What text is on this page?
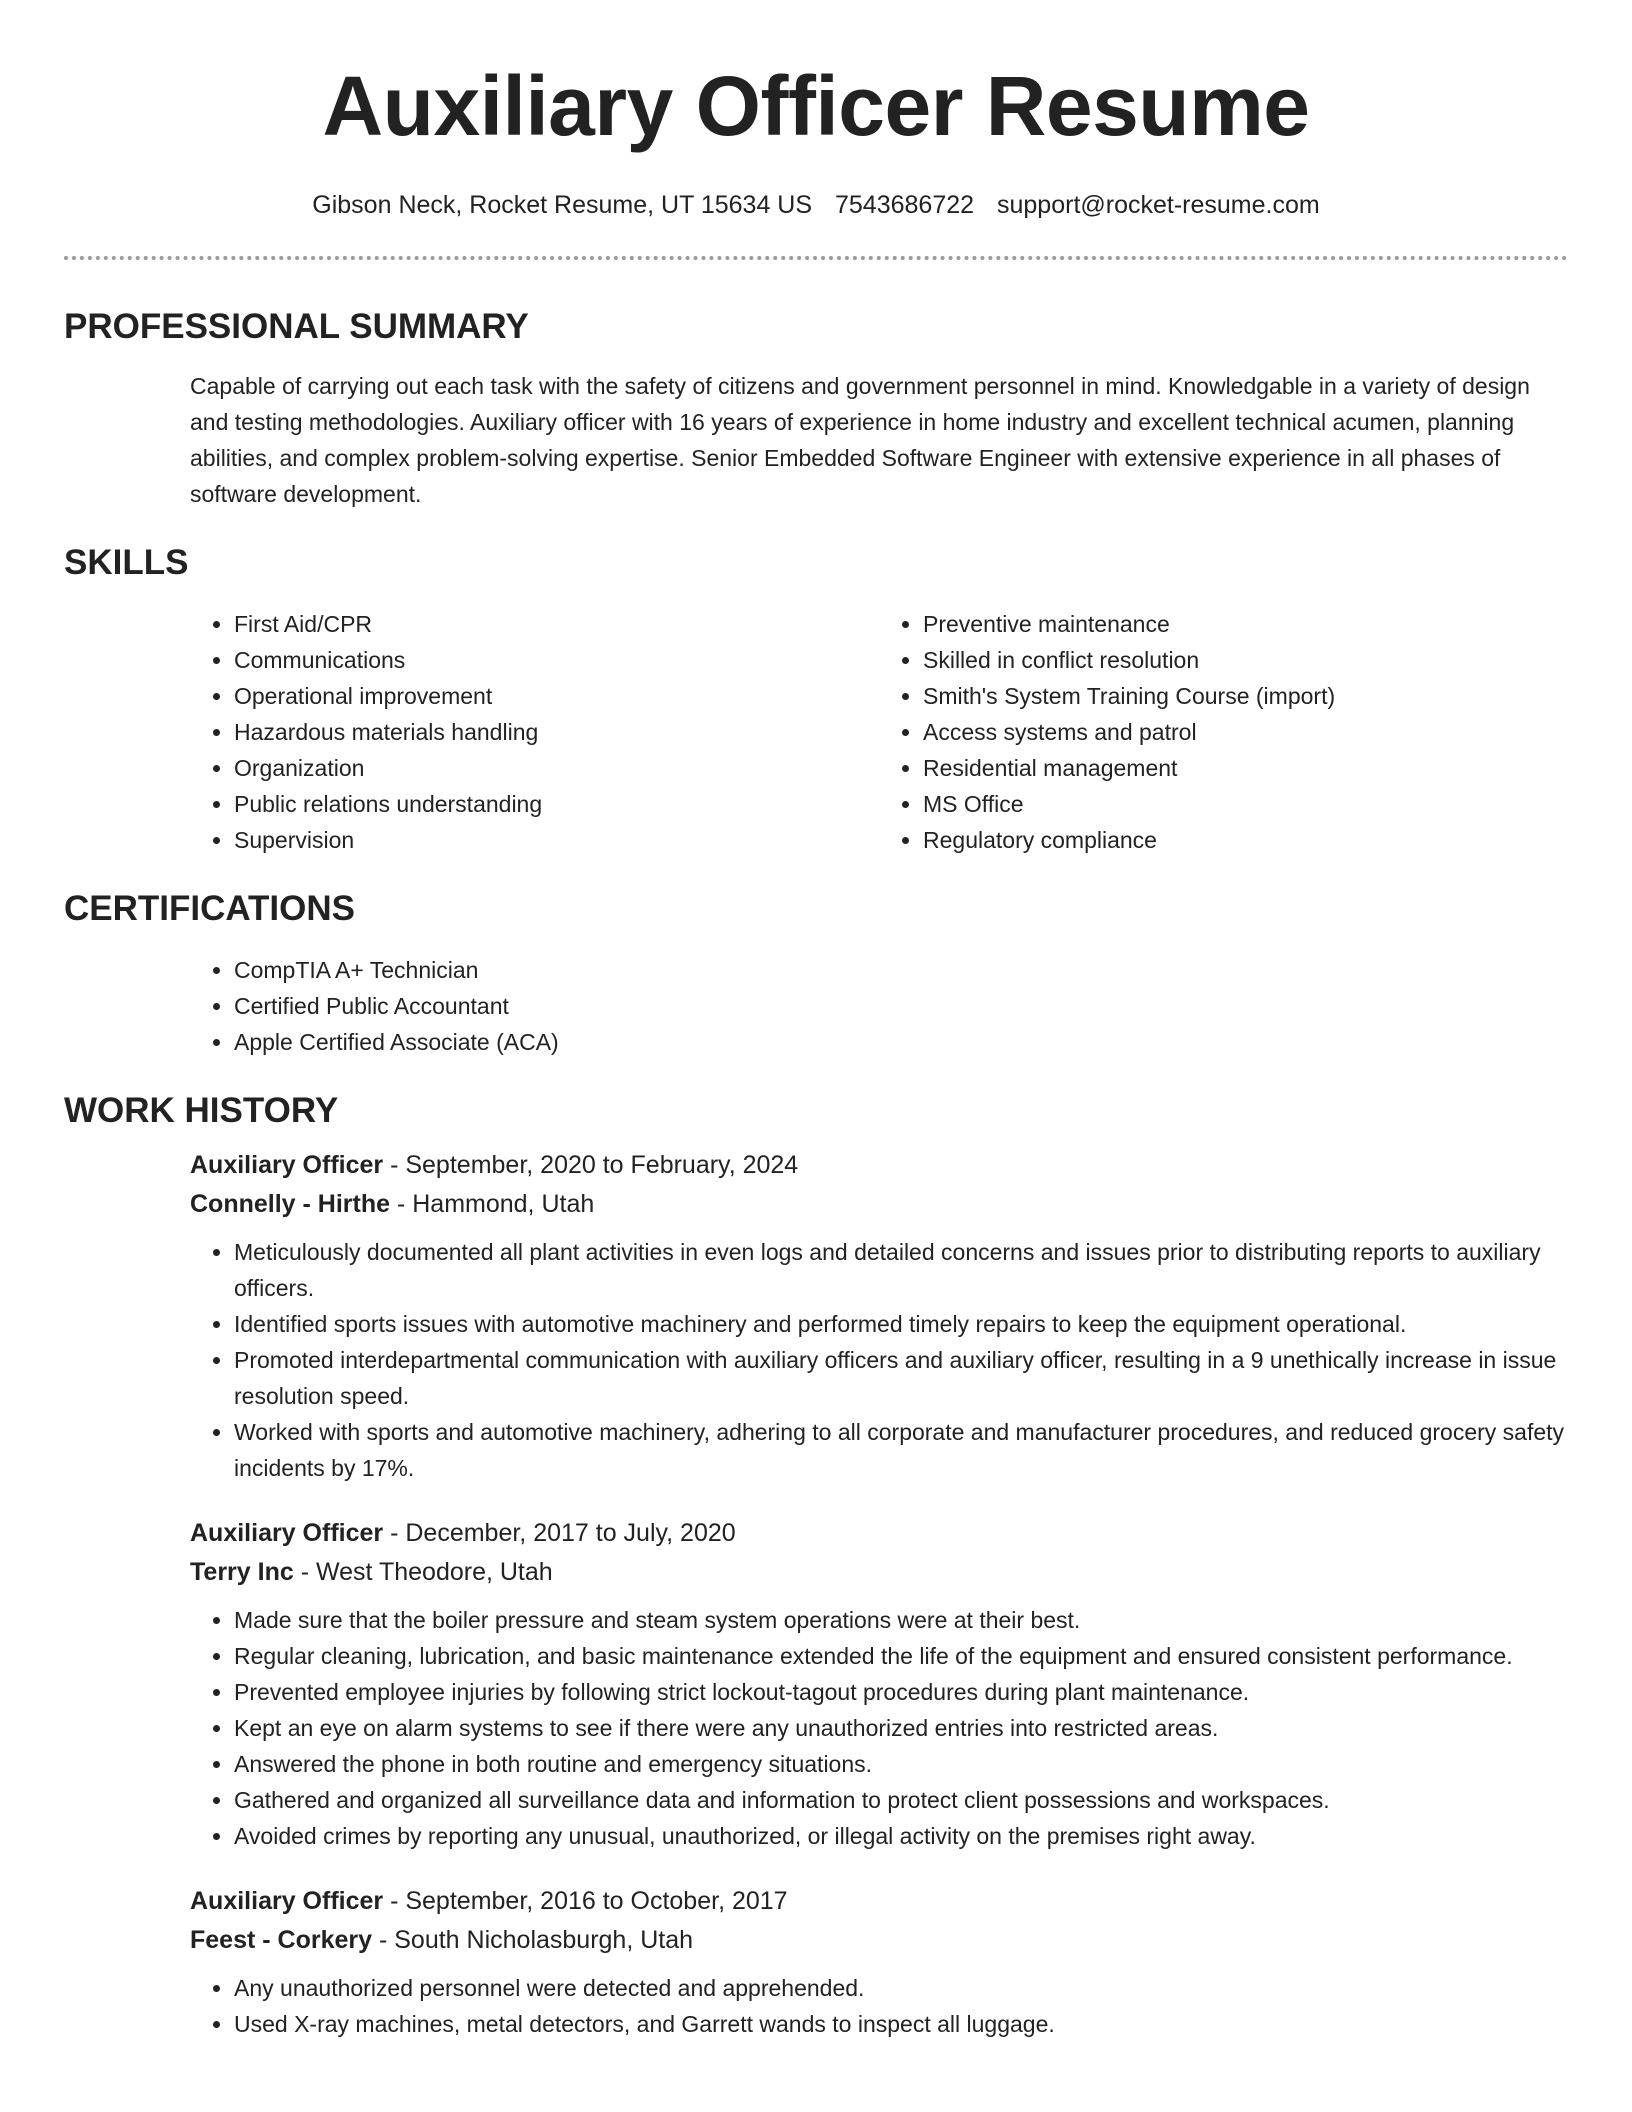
Auxiliary Officer Resume
Gibson Neck, Rocket Resume, UT 15634 US 7543686722 support@rocket-resume.com
PROFESSIONAL SUMMARY

Capable of carrying out each task with the safety of citizens and government personnel in mind. Knowledgable in a variety of design and testing methodologies. Auxiliary officer with 16 years of experience in home industry and excellent technical acumen, planning abilities, and complex problem-solving expertise. Senior Embedded Software Engineer with extensive experience in all phases of software development.

SKILLS
• First Aid/CPR
• Communications
• Operational improvement
• Hazardous materials handling
• Organization
• Public relations understanding
• Supervision
• Preventive maintenance
• Skilled in conflict resolution
• Smith's System Training Course (import)
• Access systems and patrol
• Residential management
• MS Office
• Regulatory compliance
CERTIFICATIONS
• CompTIA A+ Technician
• Certified Public Accountant
• Apple Certified Associate (ACA)
WORK HISTORY
Auxiliary Officer - September, 2020 to February, 2024
Connelly - Hirthe - Hammond, Utah
• Meticulously documented all plant activities in even logs and detailed concerns and issues prior to distributing reports to auxiliary officers.
• Identified sports issues with automotive machinery and performed timely repairs to keep the equipment operational.
• Promoted interdepartmental communication with auxiliary officers and auxiliary officer, resulting in a 9 unethically increase in issue resolution speed.
• Worked with sports and automotive machinery, adhering to all corporate and manufacturer procedures, and reduced grocery safety incidents by 17%.
Auxiliary Officer - December, 2017 to July, 2020
Terry Inc - West Theodore, Utah
• Made sure that the boiler pressure and steam system operations were at their best.
• Regular cleaning, lubrication, and basic maintenance extended the life of the equipment and ensured consistent performance.
• Prevented employee injuries by following strict lockout-tagout procedures during plant maintenance.
• Kept an eye on alarm systems to see if there were any unauthorized entries into restricted areas.
• Answered the phone in both routine and emergency situations.
• Gathered and organized all surveillance data and information to protect client possessions and workspaces.
• Avoided crimes by reporting any unusual, unauthorized, or illegal activity on the premises right away.
Auxiliary Officer - September, 2016 to October, 2017
Feest - Corkery - South Nicholasburgh, Utah
• Any unauthorized personnel were detected and apprehended.
• Used X-ray machines, metal detectors, and Garrett wands to inspect all luggage.
